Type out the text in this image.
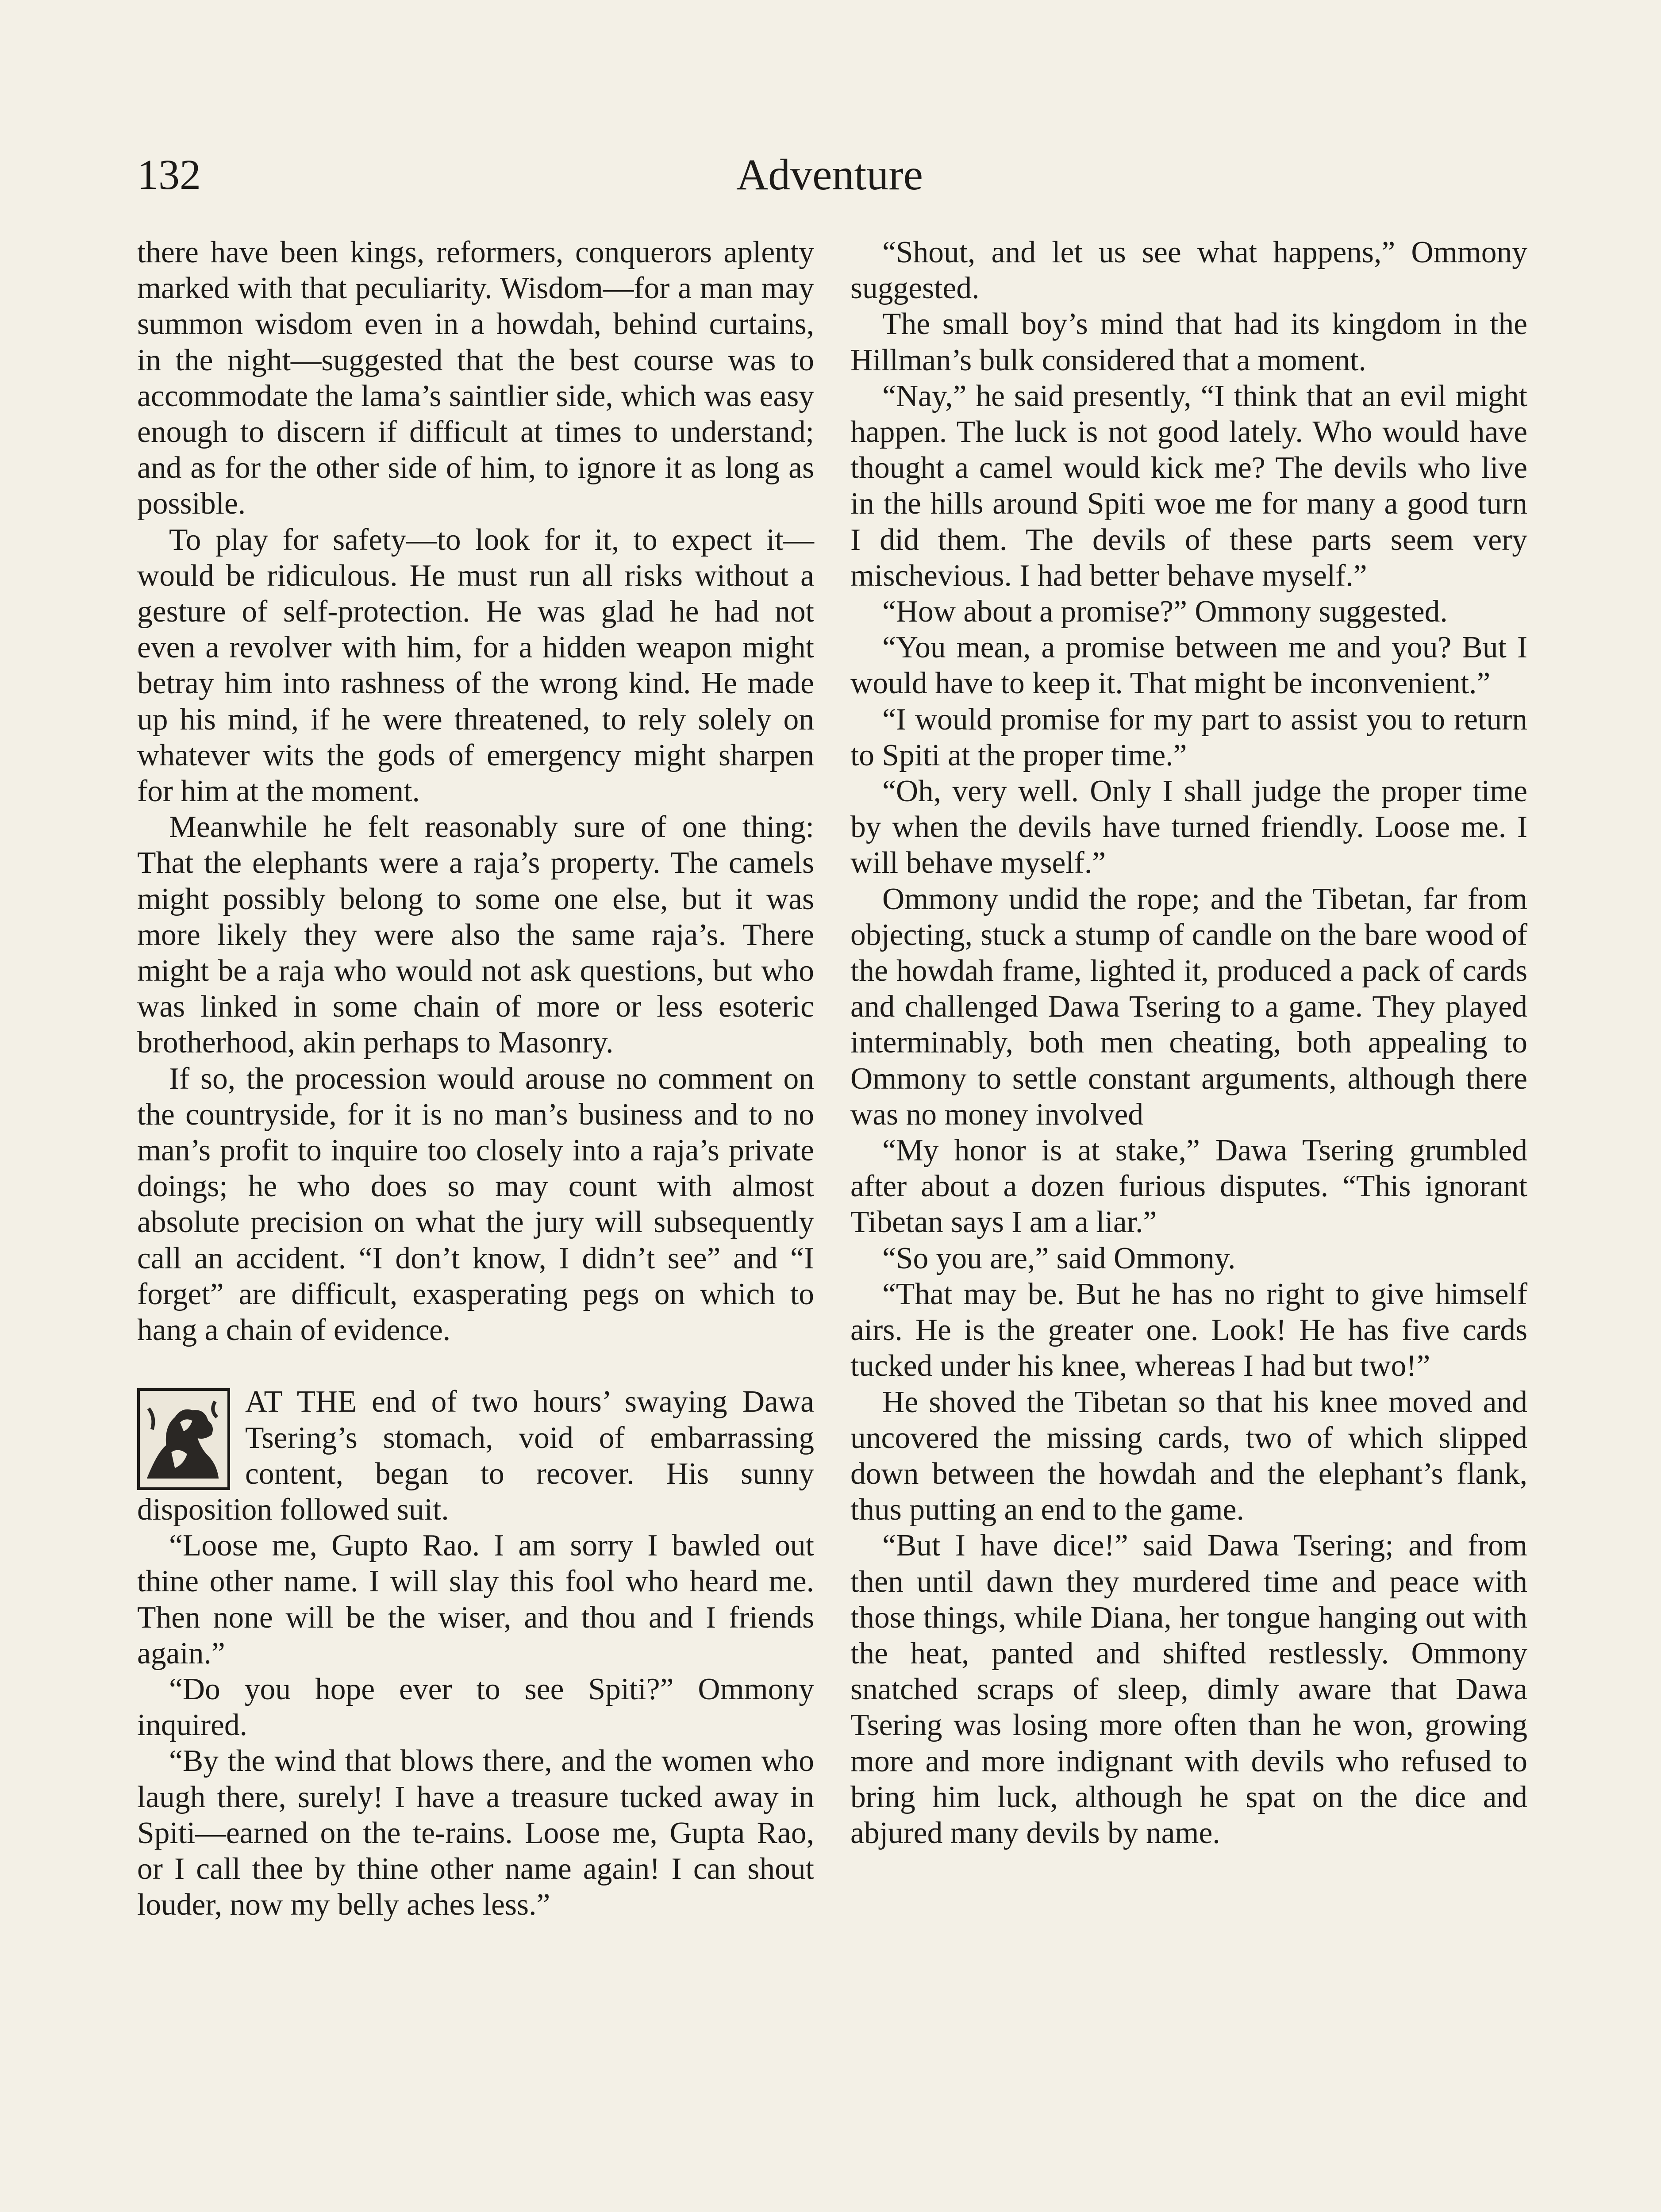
132	Adventure

there have been kings, reformers, conquerors aplenty marked with that peculiarity. Wisdom—for a man may summon wisdom even in a howdah, behind curtains, in the night—suggested that the best course was to accommodate the lama’s saintlier side, which was easy enough to discern if difficult at times to understand; and as for the other side of him, to ignore it as long as possible.

To play for safety—to look for it, to expect it—would be ridiculous. He must run all risks without a gesture of self-protection. He was glad he had not even a revolver with him, for a hidden weapon might betray him into rashness of the wrong kind. He made up his mind, if he were threatened, to rely solely on whatever wits the gods of emergency might sharpen for him at the moment.

Meanwhile he felt reasonably sure of one thing: That the elephants were a raja’s property. The camels might possibly belong to some one else, but it was more likely they were also the same raja’s. There might be a raja who would not ask questions, but who was linked in some chain of more or less esoteric brotherhood, akin perhaps to Masonry.

If so, the procession would arouse no comment on the countryside, for it is no man’s business and to no man’s profit to inquire too closely into a raja’s private doings; he who does so may count with almost absolute precision on what the jury will subsequently call an accident. “I don’t know, I didn’t see” and “I forget” are difficult, exasperating pegs on which to hang a chain of evidence.

AT THE end of two hours’ swaying Dawa Tsering’s stomach, void of embarrassing content, began to recover. His sunny disposition followed suit.

“Loose me, Gupto Rao. I am sorry I bawled out thine other name. I will slay this fool who heard me. Then none will be the wiser, and thou and I friends again.”

“Do you hope ever to see Spiti?” Ommony inquired.

“By the wind that blows there, and the women who laugh there, surely! I have a treasure tucked away in Spiti—earned on the te-rains. Loose me, Gupta Rao, or I call thee by thine other name again! I can shout louder, now my belly aches less.”

“Shout, and let us see what happens,” Ommony suggested.

The small boy’s mind that had its kingdom in the Hillman’s bulk considered that a moment.

“Nay,” he said presently, “I think that an evil might happen. The luck is not good lately. Who would have thought a camel would kick me? The devils who live in the hills around Spiti woe me for many a good turn I did them. The devils of these parts seem very mischevious. I had better behave myself.”

“How about a promise?” Ommony suggested.

“You mean, a promise between me and you? But I would have to keep it. That might be inconvenient.”

“I would promise for my part to assist you to return to Spiti at the proper time.”

“Oh, very well. Only I shall judge the proper time by when the devils have turned friendly. Loose me. I will behave myself.”

Ommony undid the rope; and the Tibetan, far from objecting, stuck a stump of candle on the bare wood of the howdah frame, lighted it, produced a pack of cards and challenged Dawa Tsering to a game. They played interminably, both men cheating, both appealing to Ommony to settle constant arguments, although there was no money involved

“My honor is at stake,” Dawa Tsering grumbled after about a dozen furious disputes. “This ignorant Tibetan says I am a liar.”

“So you are,” said Ommony.

“That may be. But he has no right to give himself airs. He is the greater one. Look! He has five cards tucked under his knee, whereas I had but two!”

He shoved the Tibetan so that his knee moved and uncovered the missing cards, two of which slipped down between the howdah and the elephant’s flank, thus putting an end to the game.

“But I have dice!” said Dawa Tsering; and from then until dawn they murdered time and peace with those things, while Diana, her tongue hanging out with the heat, panted and shifted restlessly. Ommony snatched scraps of sleep, dimly aware that Dawa Tsering was losing more often than he won, growing more and more indignant with devils who refused to bring him luck, although he spat on the dice and abjured many devils by name.
